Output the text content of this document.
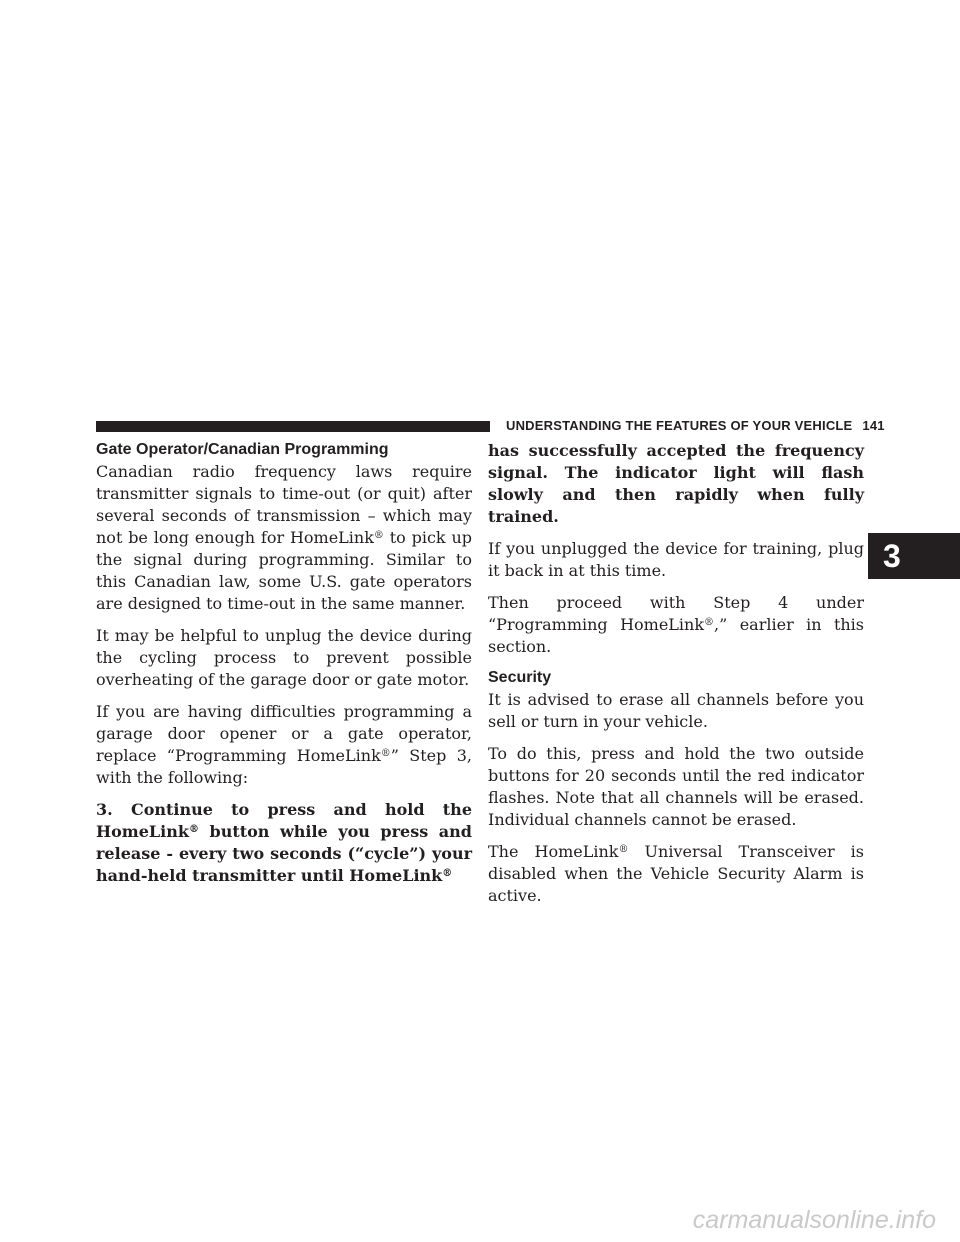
UNDERSTANDING THE FEATURES OF YOUR VEHICLE 141
Gate Operator/Canadian Programming

Canadian radio frequency laws require transmitter signals to time-out (or quit) after several seconds of transmission – which may not be long enough for HomeLink® to pick up the signal during programming. Similar to this Canadian law, some U.S. gate operators are designed to time-out in the same manner.

It may be helpful to unplug the device during the cycling process to prevent possible overheating of the garage door or gate motor.

If you are having difficulties programming a garage door opener or a gate operator, replace “Programming HomeLink®” Step 3, with the following:

3. Continue to press and hold the HomeLink® button while you press and release - every two seconds (“cycle”) your hand-held transmitter until HomeLink®

has successfully accepted the frequency signal. The indicator light will flash slowly and then rapidly when fully trained.

If you unplugged the device for training, plug it back in at this time.

Then proceed with Step 4 under “Programming HomeLink®,” earlier in this section.

Security

It is advised to erase all channels before you sell or turn in your vehicle.

To do this, press and hold the two outside buttons for 20 seconds until the red indicator flashes. Note that all channels will be erased. Individual channels cannot be erased.

The HomeLink® Universal Transceiver is disabled when the Vehicle Security Alarm is active.

3
carmanualsonline.info
